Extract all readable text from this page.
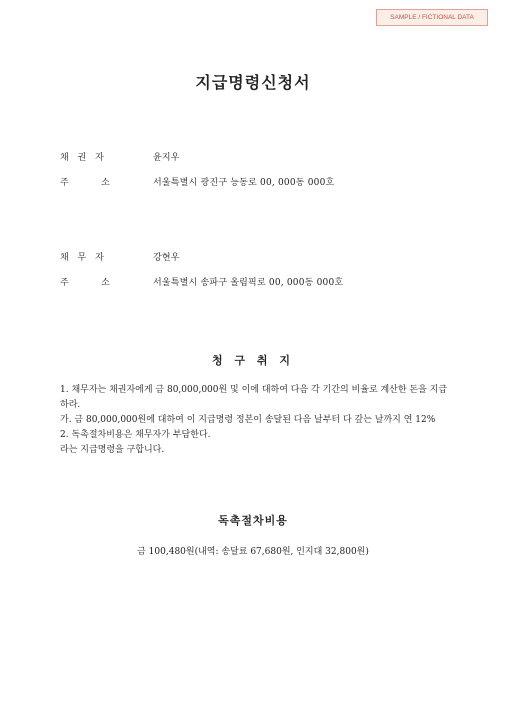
SAMPLE / FICTIONAL DATA
지급명령신청서
채 권 자	윤지우
주     소	서울특별시 광진구 능동로 00, 000동 000호
채 무 자	강현우
주     소	서울특별시 송파구 올림픽로 00, 000동 000호
청 구 취 지

1. 채무자는 채권자에게 금 80,000,000원 및 이에 대하여 다음 각 기간의 비율로 계산한 돈을 지급하라.

가. 금 80,000,000원에 대하여 이 지급명령 정본이 송달된 다음 날부터 다 갚는 날까지 연 12%

2. 독촉절차비용은 채무자가 부담한다.

라는 지급명령을 구합니다.

독촉절차비용
금 100,480원(내역: 송달료 67,680원, 인지대 32,800원)
